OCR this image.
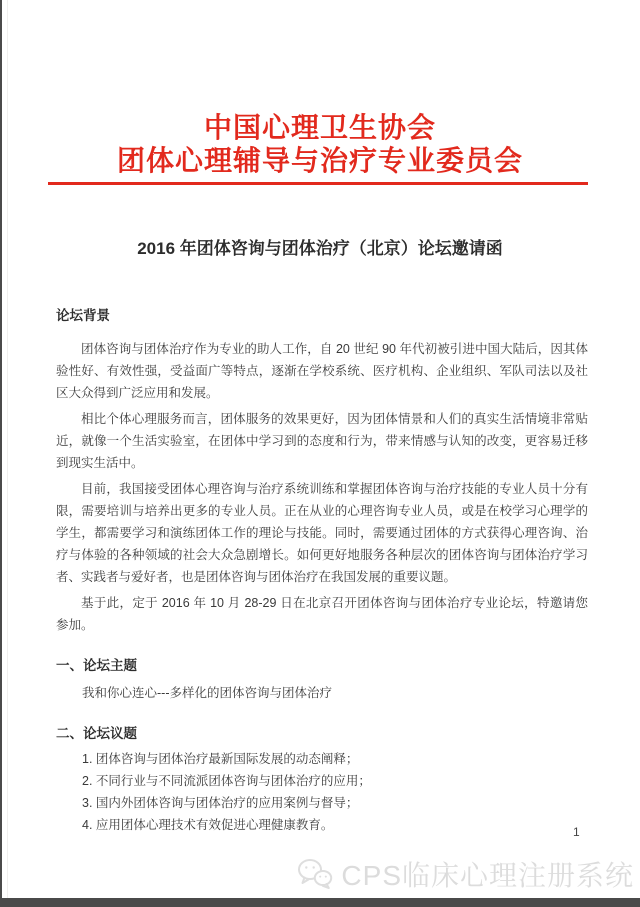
中国心理卫生协会
团体心理辅导与治疗专业委员会
2016 年团体咨询与团体治疗（北京）论坛邀请函
论坛背景

团体咨询与团体治疗作为专业的助人工作，自 20 世纪 90 年代初被引进中国大陆后，因其体验性好、有效性强，受益面广等特点，逐渐在学校系统、医疗机构、企业组织、军队司法以及社区大众得到广泛应用和发展。

相比个体心理服务而言，团体服务的效果更好，因为团体情景和人们的真实生活情境非常贴近，就像一个生活实验室，在团体中学习到的态度和行为，带来情感与认知的改变，更容易迁移到现实生活中。

目前，我国接受团体心理咨询与治疗系统训练和掌握团体咨询与治疗技能的专业人员十分有限，需要培训与培养出更多的专业人员。正在从业的心理咨询专业人员，或是在校学习心理学的学生，都需要学习和演练团体工作的理论与技能。同时，需要通过团体的方式获得心理咨询、治疗与体验的各种领域的社会大众急剧增长。如何更好地服务各种层次的团体咨询与团体治疗学习者、实践者与爱好者，也是团体咨询与团体治疗在我国发展的重要议题。

基于此，定于 2016 年 10 月 28-29 日在北京召开团体咨询与团体治疗专业论坛，特邀请您参加。

一、论坛主题
我和你心连心---多样化的团体咨询与团体治疗
二、论坛议题
1. 团体咨询与团体治疗最新国际发展的动态阐释；
2. 不同行业与不同流派团体咨询与团体治疗的应用；
3. 国内外团体咨询与团体治疗的应用案例与督导；
4. 应用团体心理技术有效促进心理健康教育。	1
CPS临床心理注册系统
